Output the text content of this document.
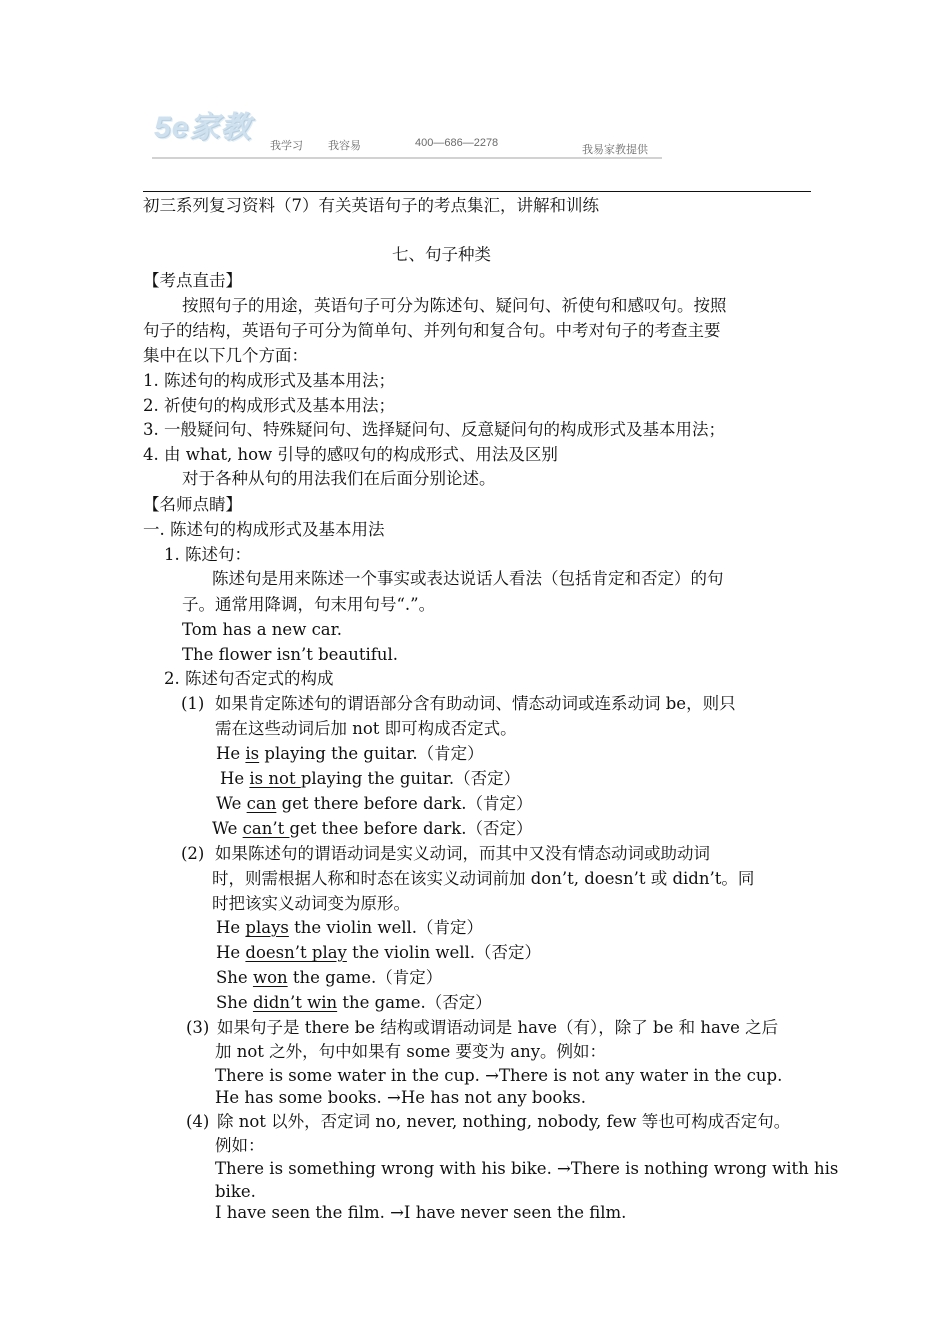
5e家教
我学习 我容易	400—686—2278
我易家教提供
初三系列复习资料（7）有关英语句子的考点集汇，讲解和训练
七、句子种类
【考点直击】
按照句子的用途，英语句子可分为陈述句、疑问句、祈使句和感叹句。按照
句子的结构，英语句子可分为简单句、并列句和复合句。中考对句子的考查主要
集中在以下几个方面：
1. 陈述句的构成形式及基本用法；
2. 祈使句的构成形式及基本用法；
3. 一般疑问句、特殊疑问句、选择疑问句、反意疑问句的构成形式及基本用法；
4. 由 what, how 引导的感叹句的构成形式、用法及区别
对于各种从句的用法我们在后面分别论述。
【名师点睛】
一. 陈述句的构成形式及基本用法
1. 陈述句：
陈述句是用来陈述一个事实或表达说话人看法（包括肯定和否定）的句
子。通常用降调，句末用句号“.”。
Tom has a new car.
The flower isn’t beautiful.
2. 陈述句否定式的构成
(1) 如果肯定陈述句的谓语部分含有助动词、情态动词或连系动词 be，则只
需在这些动词后加 not 即可构成否定式。
He is playing the guitar.（肯定）
He is not playing the guitar.（否定）
We can get there before dark.（肯定）
We can’t get thee before dark.（否定）
(2) 如果陈述句的谓语动词是实义动词，而其中又没有情态动词或助动词
时，则需根据人称和时态在该实义动词前加 don’t, doesn’t 或 didn’t。同
时把该实义动词变为原形。
He plays the violin well.（肯定）
He doesn’t play the violin well.（否定）
She won the game.（肯定）
She didn’t win the game.（否定）
(3) 如果句子是 there be 结构或谓语动词是 have（有），除了 be 和 have 之后
加 not 之外，句中如果有 some 要变为 any。例如：
There is some water in the cup. →There is not any water in the cup.
He has some books. →He has not any books.
(4) 除 not 以外，否定词 no, never, nothing, nobody, few 等也可构成否定句。
例如：
There is something wrong with his bike. →There is nothing wrong with his
bike.
I have seen the film. →I have never seen the film.
